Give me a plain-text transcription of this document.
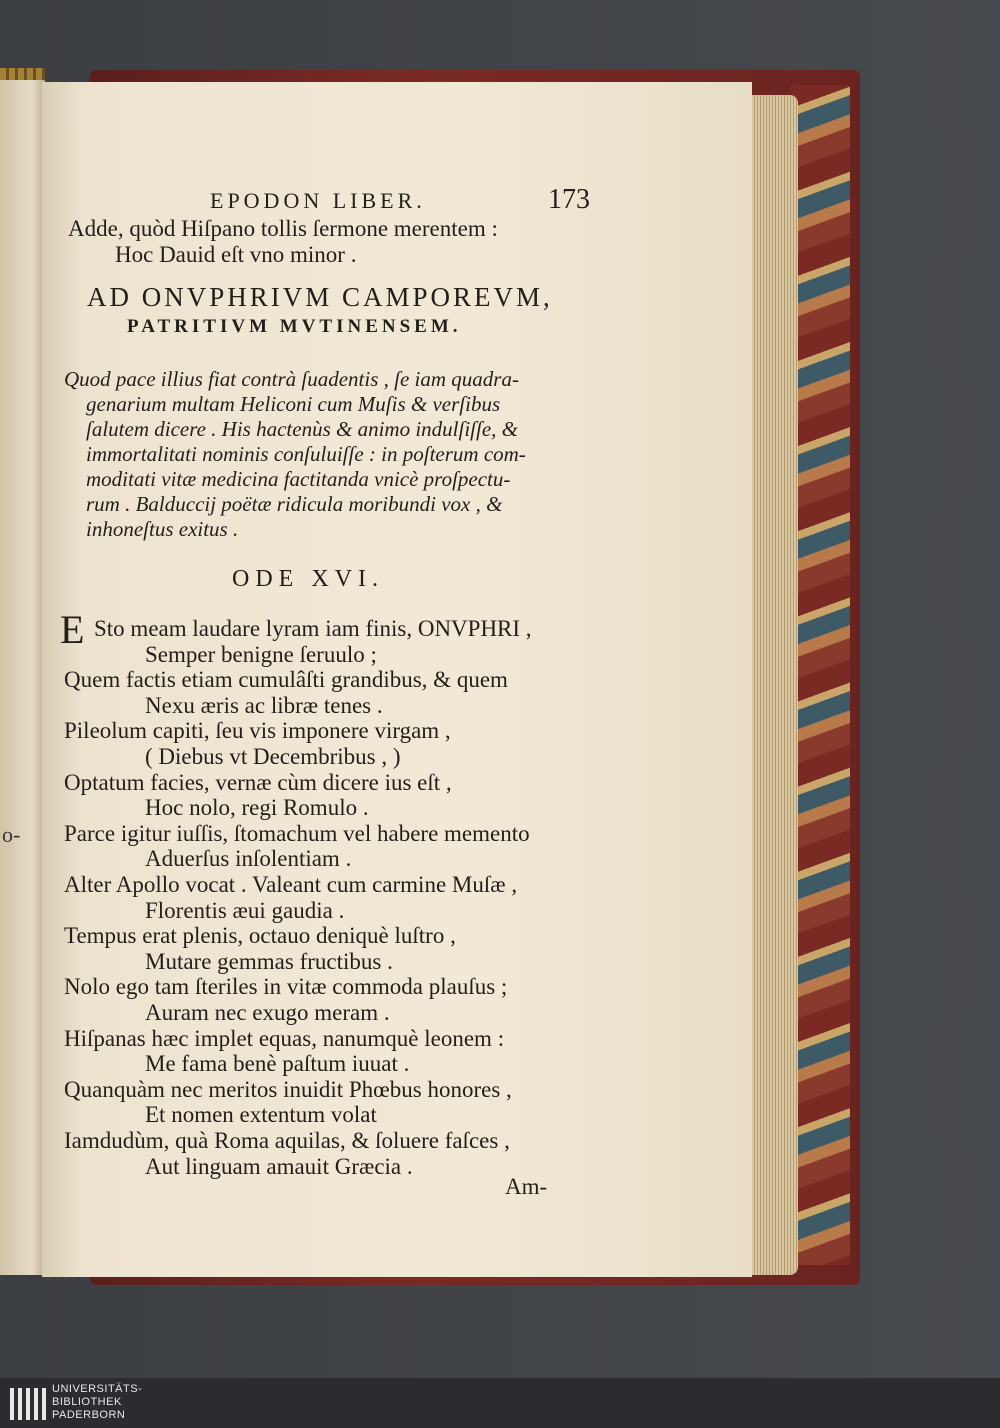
o-
EPODON LIBER.	173
Adde, quòd Hiſpano tollis ſermone merentem :
Hoc Dauid eſt vno minor .
AD ONVPHRIVM CAMPOREVM,
PATRITIVM MVTINENSEM.
Quod pace illius fiat contrà ſuadentis , ſe iam quadra-
genarium multam Heliconi cum Muſis & verſibus
ſalutem dicere . His hactenùs & animo indulſiſſe, &
immortalitati nominis conſuluiſſe : in poſterum com-
moditati vitæ medicina factitanda vnicè proſpectu-
rum . Balduccij poëtæ ridicula moribundi vox , &
inhoneſtus exitus .
ODE XVI.
E Sto meam laudare lyram iam finis, ONVPHRI ,
Semper benigne ſeruulo ;
Quem factis etiam cumulâſti grandibus, & quem
Nexu æris ac libræ tenes .
Pileolum capiti, ſeu vis imponere virgam ,
( Diebus vt Decembribus , )
Optatum facies, vernæ cùm dicere ius eſt ,
Hoc nolo, regi Romulo .
Parce igitur iuſſis, ſtomachum vel habere memento
Aduerſus inſolentiam .
Alter Apollo vocat . Valeant cum carmine Muſæ ,
Florentis æui gaudia .
Tempus erat plenis, octauo deniquè luſtro ,
Mutare gemmas fructibus .
Nolo ego tam ſteriles in vitæ commoda plauſus ;
Auram nec exugo meram .
Hiſpanas hæc implet equas, nanumquè leonem :
Me fama benè paſtum iuuat .
Quanquàm nec meritos inuidit Phœbus honores ,
Et nomen extentum volat
Iamdudùm, quà Roma aquilas, & ſoluere faſces ,
Aut linguam amauit Græcia .
Am-
UNIVERSITÄTS-
BIBLIOTHEK
PADERBORN
